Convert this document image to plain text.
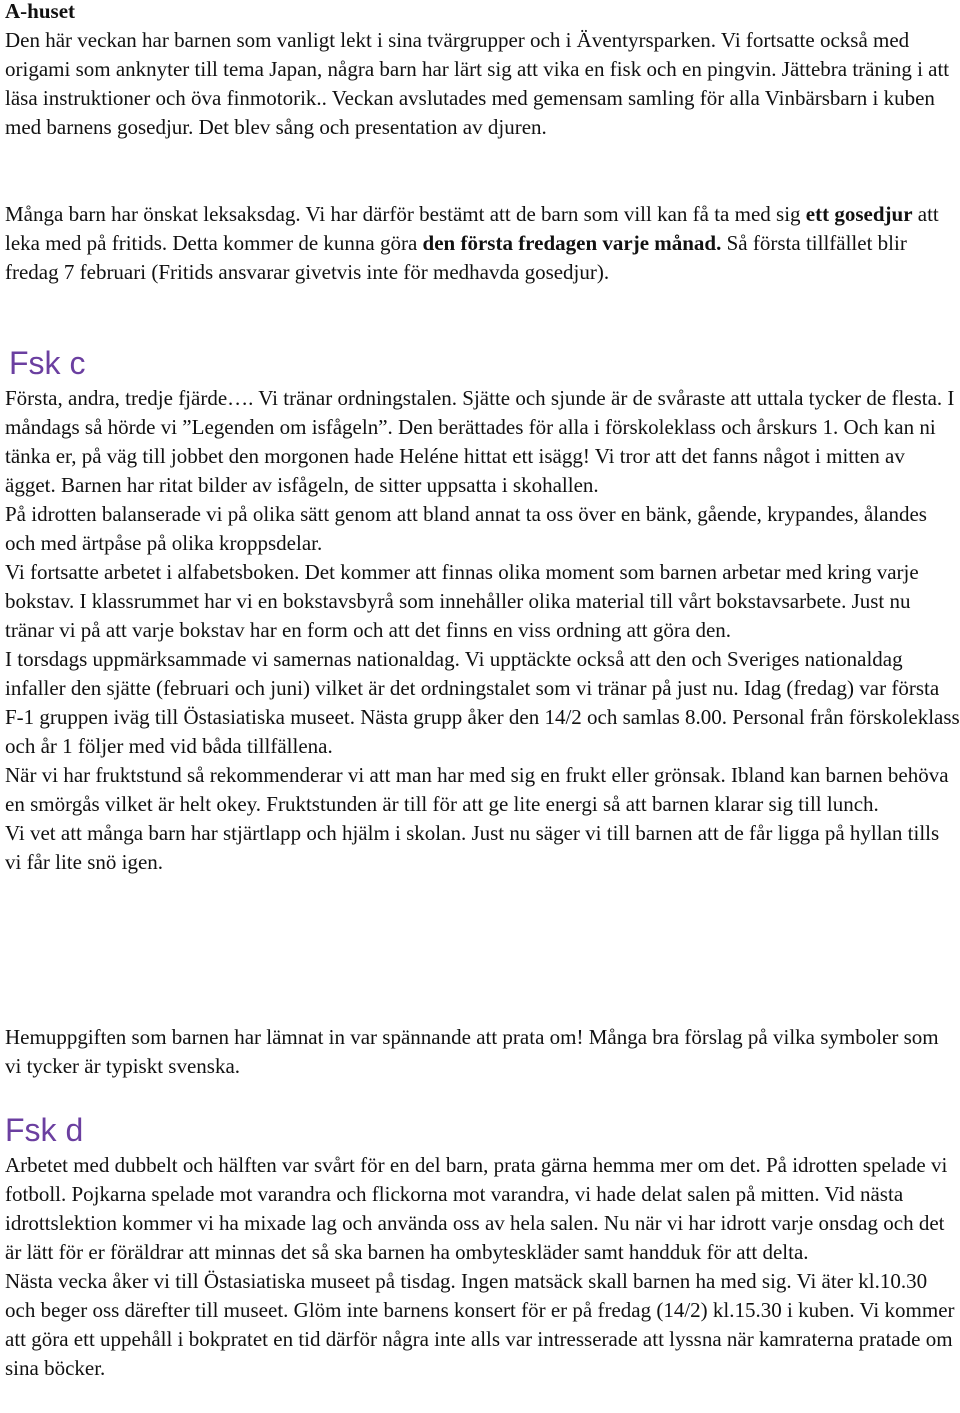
A-huset

Den här veckan har barnen som vanligt lekt i sina tvärgrupper och i Äventyrsparken. Vi fortsatte också med origami som anknyter till tema Japan, några barn har lärt sig att vika en fisk och en pingvin. Jättebra träning i att läsa instruktioner och öva finmotorik.. Veckan avslutades med gemensam samling för alla Vinbärsbarn i kuben med barnens gosedjur. Det blev sång och presentation av djuren.

Många barn har önskat leksaksdag. Vi har därför bestämt att de barn som vill kan få ta med sig ett gosedjur att leka med på fritids. Detta kommer de kunna göra den första fredagen varje månad. Så första tillfället blir fredag 7 februari (Fritids ansvarar givetvis inte för medhavda gosedjur).

Fsk c

Första, andra, tredje fjärde…. Vi tränar ordningstalen. Sjätte och sjunde är de svåraste att uttala tycker de flesta. I måndags så hörde vi ”Legenden om isfågeln”. Den berättades för alla i förskoleklass och årskurs 1. Och kan ni tänka er, på väg till jobbet den morgonen hade Heléne hittat ett isägg! Vi tror att det fanns något i mitten av ägget. Barnen har ritat bilder av isfågeln, de sitter uppsatta i skohallen.

På idrotten balanserade vi på olika sätt genom att bland annat ta oss över en bänk, gående, krypandes, ålandes och med ärtpåse på olika kroppsdelar.

Vi fortsatte arbetet i alfabetsboken. Det kommer att finnas olika moment som barnen arbetar med kring varje bokstav. I klassrummet har vi en bokstavsbyrå som innehåller olika material till vårt bokstavsarbete. Just nu tränar vi på att varje bokstav har en form och att det finns en viss ordning att göra den.

I torsdags uppmärksammade vi samernas nationaldag. Vi upptäckte också att den och Sveriges nationaldag infaller den sjätte (februari och juni) vilket är det ordningstalet som vi tränar på just nu. Idag (fredag) var första F-1 gruppen iväg till Östasiatiska museet. Nästa grupp åker den 14/2 och samlas 8.00. Personal från förskoleklass och år 1 följer med vid båda tillfällena.

När vi har fruktstund så rekommenderar vi att man har med sig en frukt eller grönsak. Ibland kan barnen behöva en smörgås vilket är helt okey. Fruktstunden är till för att ge lite energi så att barnen klarar sig till lunch.

Vi vet att många barn har stjärtlapp och hjälm i skolan. Just nu säger vi till barnen att de får ligga på hyllan tills vi får lite snö igen.

Hemuppgiften som barnen har lämnat in var spännande att prata om! Många bra förslag på vilka symboler som vi tycker är typiskt svenska.

Fsk d

Arbetet med dubbelt och hälften var svårt för en del barn, prata gärna hemma mer om det. På idrotten spelade vi fotboll. Pojkarna spelade mot varandra och flickorna mot varandra, vi hade delat salen på mitten. Vid nästa idrottslektion kommer vi ha mixade lag och använda oss av hela salen. Nu när vi har idrott varje onsdag och det är lätt för er föräldrar att minnas det så ska barnen ha ombyteskläder samt handduk för att delta.

Nästa vecka åker vi till Östasiatiska museet på tisdag. Ingen matsäck skall barnen ha med sig. Vi äter kl.10.30 och beger oss därefter till museet. Glöm inte barnens konsert för er på fredag (14/2) kl.15.30 i kuben. Vi kommer att göra ett uppehåll i bokpratet en tid därför några inte alls var intresserade att lyssna när kamraterna pratade om sina böcker.
